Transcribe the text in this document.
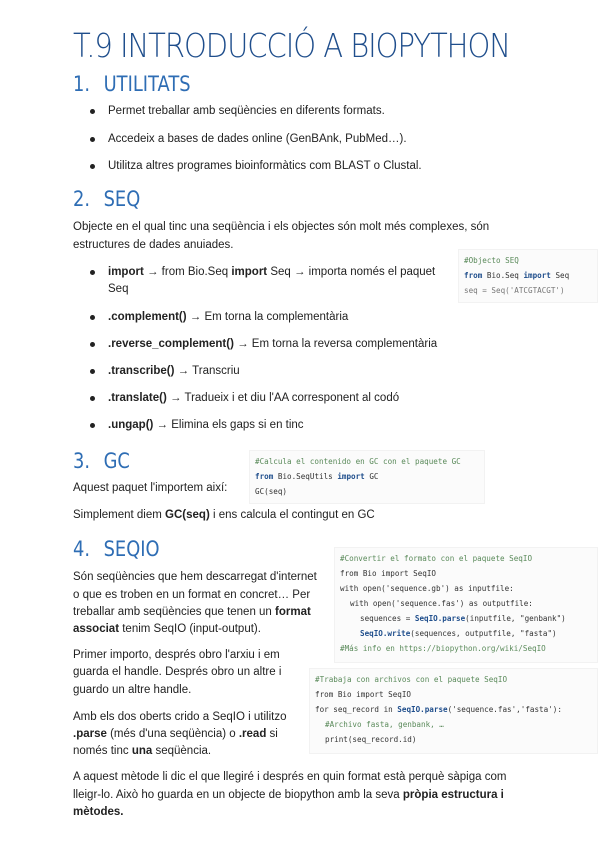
T.9 INTRODUCCIÓ A BIOPYTHON
1. UTILITATS
Permet treballar amb seqüències en diferents formats.
Accedeix a bases de dades online (GenBAnk, PubMed…).
Utilitza altres programes bioinformàtics com BLAST o Clustal.
2. SEQ
Objecte en el qual tinc una seqüència i els objectes són molt més complexes, són
estructures de dades anuiades.
#Objecto SEQ
from Bio.Seq import Seq
seq = Seq('ATCGTACGT')
import → from Bio.Seq import Seq → importa només el paquet
Seq
.complement() → Em torna la complementària
.reverse_complement() → Em torna la reversa complementària
.transcribe() → Transcriu
.translate() → Tradueix i et diu l'AA corresponent al codó
.ungap() → Elimina els gaps si en tinc
3. GC	#Calcula el contenido en GC con el paquete GC
from Bio.SeqUtils import GC
GC(seq)
Aquest paquet l'importem així:
Simplement diem GC(seq) i ens calcula el contingut en GC
4. SEQIO	#Convertir el formato con el paquete SeqIO
from Bio import SeqIO
with open('sequence.gb') as inputfile:
with open('sequence.fas') as outputfile:
sequences = SeqIO.parse(inputfile, "genbank")
SeqIO.write(sequences, outputfile, "fasta")
#Más info en https://biopython.org/wiki/SeqIO
#Trabaja con archivos con el paquete SeqIO
from Bio import SeqIO
for seq_record in SeqIO.parse('sequence.fas','fasta'):
#Archivo fasta, genbank, …
print(seq_record.id)
Són seqüències que hem descarregat d'internet
o que es troben en un format en concret… Per
treballar amb seqüències que tenen un format
associat tenim SeqIO (input-output).
Primer importo, després obro l'arxiu i em
guarda el handle. Després obro un altre i
guardo un altre handle.
Amb els dos oberts crido a SeqIO i utilitzo
.parse (més d'una seqüència) o .read si
només tinc una seqüència.
A aquest mètode li dic el que llegiré i després en quin format està perquè sàpiga com
lleigr-lo. Això ho guarda en un objecte de biopython amb la seva pròpia estructura i
mètodes.
